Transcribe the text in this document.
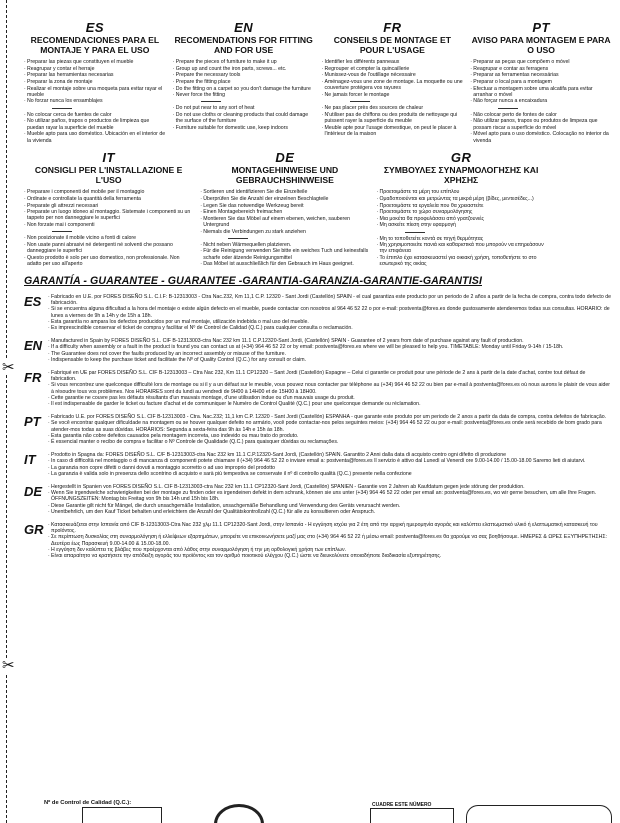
✂
✂
ES
RECOMENDACIONES PARA EL MONTAJE Y PARA EL USO
· Preparar las piezas que constituyen el mueble
· Reagrupar y contar el herraje
· Preparar las herramientas necesarias
· Preparar la zona de montaje
· Realizar el montaje sobre una moqueta para evitar rayar el mueble
· No forzar nunca los ensamblajes
· No colocar cerca de fuentes de calor
· No utilizar paños, trapos o productos de limpieza que puedan rayar la superficie del mueble
· Mueble apto para uso doméstico. Ubicación en el interior de la vivienda
EN
RECOMENDATIONS FOR FITTING AND FOR USE
· Prepare the pieces of furniture to make it up
· Group up and count the iron parts, screws... etc.
· Prepare the necessary tools
· Prepare the fitting place
· Do the fitting on a carpet so you don't damage the furniture
· Never force the fitting
· Do not put near to any sort of heat
· Do not use cloths or cleaning products that could damage the surface of the furniture
· Furniture suitable for domestic use, keep indoors
FR
CONSEILS DE MONTAGE ET POUR L'USAGE
· Identifier les différents panneaux
· Regrouper et compter la quincaillerie
· Munissez-vous de l'outillage nécessaire
· Aménagez-vous une zone de montage. La moquette ou une couverture protégera vos rayures
· Ne jamais forcer le montage
· Ne pas placer près des sources de chaleur
· N'utiliser pas de chiffons ou des produits de nettoyage qui puissent rayer la superficie du meuble
· Meuble apte pour l'usage domestique, on peut le placer à l'intérieur de la maison
PT
AVISO PARA MONTAGEM E PARA O USO
· Preparar as peças que compõem o móvel
· Reagrupar e contar as ferragens
· Preparar as ferramentas necessárias
· Preparar o local para a montagem
· Efectuar a montagem sobre uma alcatifa para evitar arranhar o móvel
· Não forçar nunca a encaixadura
· Não colocar perto de fontes de calor
· Não utilizar panos, trapos ou produtos de limpeza que possam riscar a superfície do móvel
· Móvel apto para o uso doméstico. Colocação no interior da vivenda
IT
CONSIGLI PER L'INSTALLAZIONE E L'USO
· Preparare i componenti del mobile per il montaggio
· Ordinate e controllate la quantità della ferramenta
· Preparate gli attrezzi necessari
· Preparate un luogo idoneo al montaggio. Sistemate i componenti su un tappeto per non danneggiare le superfici
· Non forzate mai i componenti
· Non posizionate il mobile vicino a fonti di calore
· Non usate panni abrasivi né detergenti né solventi che possano danneggiare le superfici
· Questo prodotto è solo per uso domestico, non professionale. Non adatto per uso all'aperto
DE
MONTAGEHINWEISE UND GEBRAUCHSHINWEISE
· Sortieren und identifizieren Sie die Einzelteile
· Überprüfen Sie die Anzahl der einzelnen Beschlagteile
· Legen Sie das notwendige Werkzeug bereit
· Einen Montagebereich freimachen
· Montieren Sie das Möbel auf einem ebenen, weichen, sauberen Untergrund
· Niemals die Verbindungen zu stark anziehen
· Nicht neben Wärmequellen platzieren.
· Für die Reinigung verwenden Sie bitte ein weiches Tuch und keinesfalls scharfe oder ätzende Reinigungsmittel
· Das Möbel ist ausschließlich für den Gebrauch im Haus geeignet.
GR
ΣΥΜΒΟΥΛΕΣ ΣΥΝΑΡΜΟΛΟΓΗΣΗΣ ΚΑΙ ΧΡΗΣΗΣ
· Προετοιμάστε τα μέρη του επίπλου
· Ομαδοποιούνται και μετρώντας τα μικρά μέρη (βίδες, μεντεσέδες...)
· Προετοιμάστε τα εργαλεία που θα χρειαστείτε
· Προετοιμάστε το χώρο συναρμολόγησης
· Μια μοκέτα θα προφυλάσσει από γρατζουνιές
· Μη ασκείτε πίεση στην εφαρμογή
· Μη το τοποθετείτε κοντά σε πηγή θερμότητας
· Μη χρησιμοποιείτε πανιά και καθαριστικά που μπορούν να επηρεάσουν την επιφάνεια
· Το έπιπλο έχει κατασκευαστεί για οικιακή χρήση, τοποθετήστε το στο εσωτερικό της οικίας
GARANTÍA - GUARANTEE - GUARANTEE -GARANTIA-GARANZIA-GARANTIE-GARANTISI
ES	· Fabricado en U.E. por FORES DISEÑO S.L. C.I.F: B-12313003 - Ctra Nac.232, Km 11,1 C.P. 12320 - Sant Jordi (Castellón) SPAIN - el cual garantiza este producto por un periodo de 2 años a partir de la fecha de compra, contra todo defecto de fabricación.
· Si se encuentra alguna dificultad a la hora del montaje o existe algún defecto en el mueble, puede contactar con nosotros al 964 46 52 22 o por e-mail: postventa@fores.es donde gustosamente atenderemos todas sus consultas. HORARIO: de lunes a viernes de 9h a 14h y de 15h a 18h.
· Esta garantía no ampara los defectos producidos por un mal montaje, utilización indebida o mal uso del mueble.
· Es imprescindible conservar el ticket de compra y facilitar el Nº de Control de Calidad (Q.C.) para cualquier consulta o reclamación.
EN	· Manufactured in Spain by FORES DISEÑO S.L. CIF B-12313003-ctra Nac 232 km 11.1 C.P.12320-Sant Jordi, (Castellón) SPAIN - Guarantee of 2 years from date of purchase against any fault of production.
· If a difficulty when assembly or a fault in the product is found you can contact us at (+34) 964 46 52 22 or by email: postventa@fores.es where we will be pleased to help you. TIMETABLE: Monday until Friday 9-14h / 15-18h.
· The Guarantee does not cover the faults produced by an incorrect assembly or misuse of the furniture.
· Indispensable to keep the purchase ticket and facilitate the Nº of Quality Control (Q.C.) for any consult or claim.
FR	· Fabriqué en UE par FORES DISEÑO S.L. CIF B-12313003 – Ctra Nac 232, Km 11.1 CP12320 – Sant Jordi (Castellón) Espagne – Celui ci garantie ce produit pour une période de 2 ans à partir de la date d'achat, contre tout défaut de fabrication.
· Si vous rencontrez une quelconque difficulté lors de montage ou si il y a un défaut sur le meuble, vous pouvez nous contacter par téléphone au (+34) 964 46 52 22 ou bien par e-mail à postventa@fores.es où nous aurons le plaisir de vous aider à résoudre tous vos problèmes. Nos HORAIRES sont du lundi au vendredi de 9H00 à 14H00 et de 15H00 à 18H00.
· Cette garantie ne couvre pas les défauts résultants d'un mauvais montage, d'une utilisation indue ou d'un mauvais usage du produit.
· Il est indispensable de garder le ticket ou facture d'achat et de communiquer le Numéro de Control Qualité (Q.C.) pour une quelconque demande ou réclamation.
PT	· Fabricado U.E. por FORES DISEÑO S.L. CIF B-12313003 - Ctra. Nac.232; 11,1 km C.P. 12320 - Sant Jordi (Castellón) ESPANHA - que garante este produto por um periodo de 2 anos a partir da data de compra, contra defeitos de fabricação.
· Se você encontrar qualquer dificuldade na montagem ou se houver qualquer defeito no armário, você pode contactar-nos pelos seguintes meios: (+34) 964 46 52 22 ou por e-mail: postventa@fores.es onde será recebido de bom grado para atender-mos todas as suas dúvidas. HORÁRIOS: Segunda a sexta-feira das 9h às 14h e 15h às 18h.
· Esta garantia não cobre defeitos causados pela montagem incorreta, uso indevido ou mau trato do produto.
· É essencial manter o recibo de compra e facilitar o Nº Controle de Qualidade (Q.C.) para quaisquer dúvidas ou reclamações.
IT	· Prodotto in Spagna da: FORES DISEÑO S.L. C/F B-12313003-ctra Nac 232 km 11.1 C.P.12320-Sant Jordi, (Castellón) SPAIN. Garantito 2 Anni dalla data di acquisto contro ogni difetto di produzione
· In caso di difficoltà nel montaggio o di mancanza di componenti potete chiamare il (+34) 964 46 52 22 o inviare email a: postventa@fores.es Il servizio è attivo dal Lunedì al Venerdì ore 9.00-14.00 / 15.00-18.00 Saremo lieti di aiutarvi.
· La garanzia non copre difetti o danni dovuti a montaggio scorretto o ad uso improprio del prodotto
· La garanzia è valida solo in presenza dello scontrino di acquisto e sarà più tempestiva se conservate il nº di controllo qualità (Q.C.) presente nella confezione
DE	· Hergestellt in Spanien von FORES DISEÑO S.L. CIF B-12313003-ctra Nac 232 km 11.1 CP12320-Sant Jordi, (Castellón) SPANIEN - Garantie von 2 Jahren ab Kaufdatum gegen jede störung der produktion.
· Wenn Sie irgendwelche schwierigkeiten bei der montage zu finden oder es irgendeinen defekt in dem schrank, können sie uns unter (+34) 964 46 52 22 oder per email an: postventa@fores.es, wo wir gerne besuchen, um alle Ihre Fragen. ÖFFNUNGSZEITEN: Montag bis Freitag von 9h bis 14h und 15h bis 18h.
· Diese Garantie gilt nicht für Mängel, die durch unsachgemäße Installation, unsachgemäße Behandlung und Verwendung des Geräts verursacht werden.
· Unentbehrlich, um den Kauf Ticket behalten und erleichtern die Anzahl der Qualitätskontrollzahl (Q.C.) für alle zu konsultieren oder Anspruch.
GR	· Κατασκευάζεται στην Ισπανία από CIF B-12313003-Ctra Nac 232 χλμ 11.1 CP12320-Sant Jordi, στην Ισπανία - Η εγγύηση ισχύει για 2 έτη από την αρχική ημερομηνία αγοράς και καλύπτει ελαττωματικό υλικό ή ελαττωματική κατασκευή του προϊόντος.
· Σε περίπτωση δυσκολίας στη συναρμολόγηση ή ελλείψεων εξαρτημάτων, μπορείτε να επικοινωνήσετε μαζί μας στο (+34) 964 46 52 22 ή μέσω email: postventa@fores.es θα χαρούμε να σας βοηθήσουμε. ΗΜΕΡΕΣ & ΩΡΕΣ ΕΞΥΠΗΡΕΤΗΣΗΣ: Δευτέρα έως Παρασκευή 9.00-14.00 & 15.00-18.00.
· Η εγγύηση δεν καλύπτει τις βλάβες που προέρχονται από λάθος στην συναρμολόγηση ή την μη ορθολογική χρήση των επίπλων.
· Είναι απαραίτητο να κρατήσετε την απόδειξη αγοράς του προϊόντος και τον αριθμό ποιοτικού ελέγχου (Q.C.) ώστε να διευκολύνετε οποιαδήποτε διαδικασία εξυπηρέτησης.
Nº de Control de Calidad (Q.C.):	CUADRE ESTE NÚMERO
